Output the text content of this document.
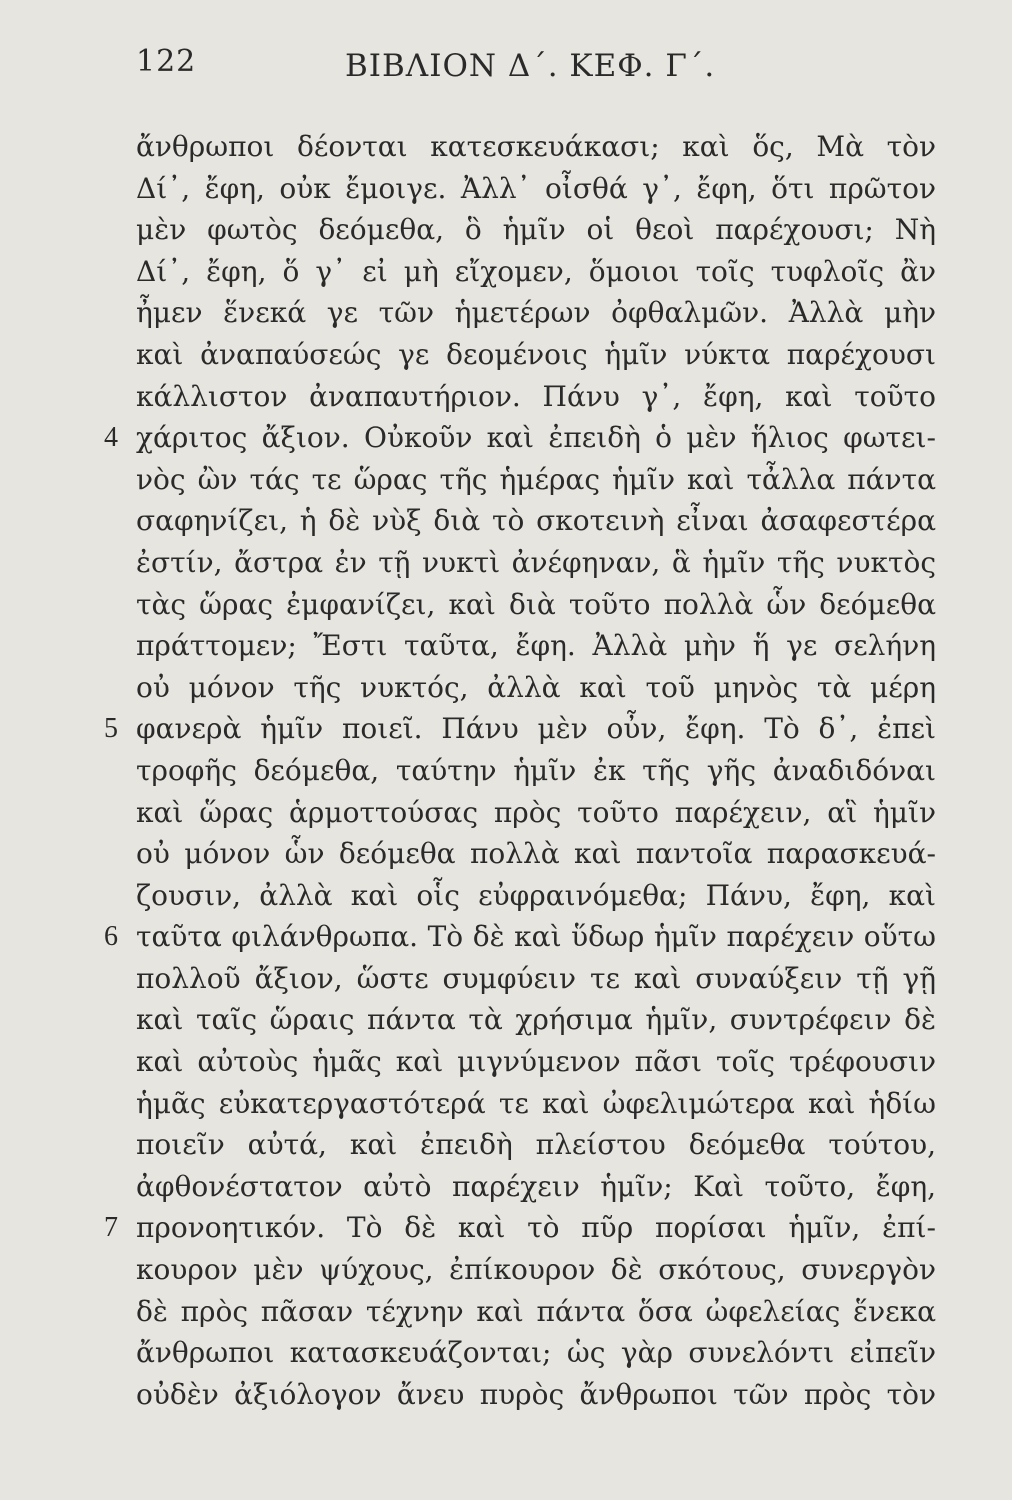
122	ΒΙΒΛΙΟΝ Δ΄. ΚΕΦ. Γ΄.
ἄνθρωποι δέονται κατεσκευάκασι; καὶ ὅς, Μὰ τὸν
Δί᾽, ἔφη, οὐκ ἔμοιγε. Ἀλλ᾽ οἶσθά γ᾽, ἔφη, ὅτι πρῶτον
μὲν φωτὸς δεόμεθα, ὃ ἡμῖν οἱ θεοὶ παρέχουσι; Νὴ
Δί᾽, ἔφη, ὅ γ᾽ εἰ μὴ εἴχομεν, ὅμοιοι τοῖς τυφλοῖς ἂν
ἦμεν ἕνεκά γε τῶν ἡμετέρων ὀφθαλμῶν. Ἀλλὰ μὴν
καὶ ἀναπαύσεώς γε δεομένοις ἡμῖν νύκτα παρέχουσι
κάλλιστον ἀναπαυτήριον. Πάνυ γ᾽, ἔφη, καὶ τοῦτο
4 χάριτος ἄξιον. Οὐκοῦν καὶ ἐπειδὴ ὁ μὲν ἥλιος φωτει-
νὸς ὢν τάς τε ὥρας τῆς ἡμέρας ἡμῖν καὶ τἆλλα πάντα
σαφηνίζει, ἡ δὲ νὺξ διὰ τὸ σκοτεινὴ εἶναι ἀσαφεστέρα
ἐστίν, ἄστρα ἐν τῇ νυκτὶ ἀνέφηναν, ἃ ἡμῖν τῆς νυκτὸς
τὰς ὥρας ἐμφανίζει, καὶ διὰ τοῦτο πολλὰ ὧν δεόμεθα
πράττομεν; Ἔστι ταῦτα, ἔφη. Ἀλλὰ μὴν ἥ γε σελήνη
οὐ μόνον τῆς νυκτός, ἀλλὰ καὶ τοῦ μηνὸς τὰ μέρη
5 φανερὰ ἡμῖν ποιεῖ. Πάνυ μὲν οὖν, ἔφη. Τὸ δ᾽, ἐπεὶ
τροφῆς δεόμεθα, ταύτην ἡμῖν ἐκ τῆς γῆς ἀναδιδόναι
καὶ ὥρας ἁρμοττούσας πρὸς τοῦτο παρέχειν, αἳ ἡμῖν
οὐ μόνον ὧν δεόμεθα πολλὰ καὶ παντοῖα παρασκευά-
ζουσιν, ἀλλὰ καὶ οἷς εὐφραινόμεθα; Πάνυ, ἔφη, καὶ
6 ταῦτα φιλάνθρωπα. Τὸ δὲ καὶ ὕδωρ ἡμῖν παρέχειν οὕτω
πολλοῦ ἄξιον, ὥστε συμφύειν τε καὶ συναύξειν τῇ γῇ
καὶ ταῖς ὥραις πάντα τὰ χρήσιμα ἡμῖν, συντρέφειν δὲ
καὶ αὐτοὺς ἡμᾶς καὶ μιγνύμενον πᾶσι τοῖς τρέφουσιν
ἡμᾶς εὐκατεργαστότερά τε καὶ ὠφελιμώτερα καὶ ἡδίω
ποιεῖν αὐτά, καὶ ἐπειδὴ πλείστου δεόμεθα τούτου,
ἀφθονέστατον αὐτὸ παρέχειν ἡμῖν; Καὶ τοῦτο, ἔφη,
7 προνοητικόν. Τὸ δὲ καὶ τὸ πῦρ πορίσαι ἡμῖν, ἐπί-
κουρον μὲν ψύχους, ἐπίκουρον δὲ σκότους, συνεργὸν
δὲ πρὸς πᾶσαν τέχνην καὶ πάντα ὅσα ὠφελείας ἕνεκα
ἄνθρωποι κατασκευάζονται; ὡς γὰρ συνελόντι εἰπεῖν
οὐδὲν ἀξιόλογον ἄνευ πυρὸς ἄνθρωποι τῶν πρὸς τὸν
